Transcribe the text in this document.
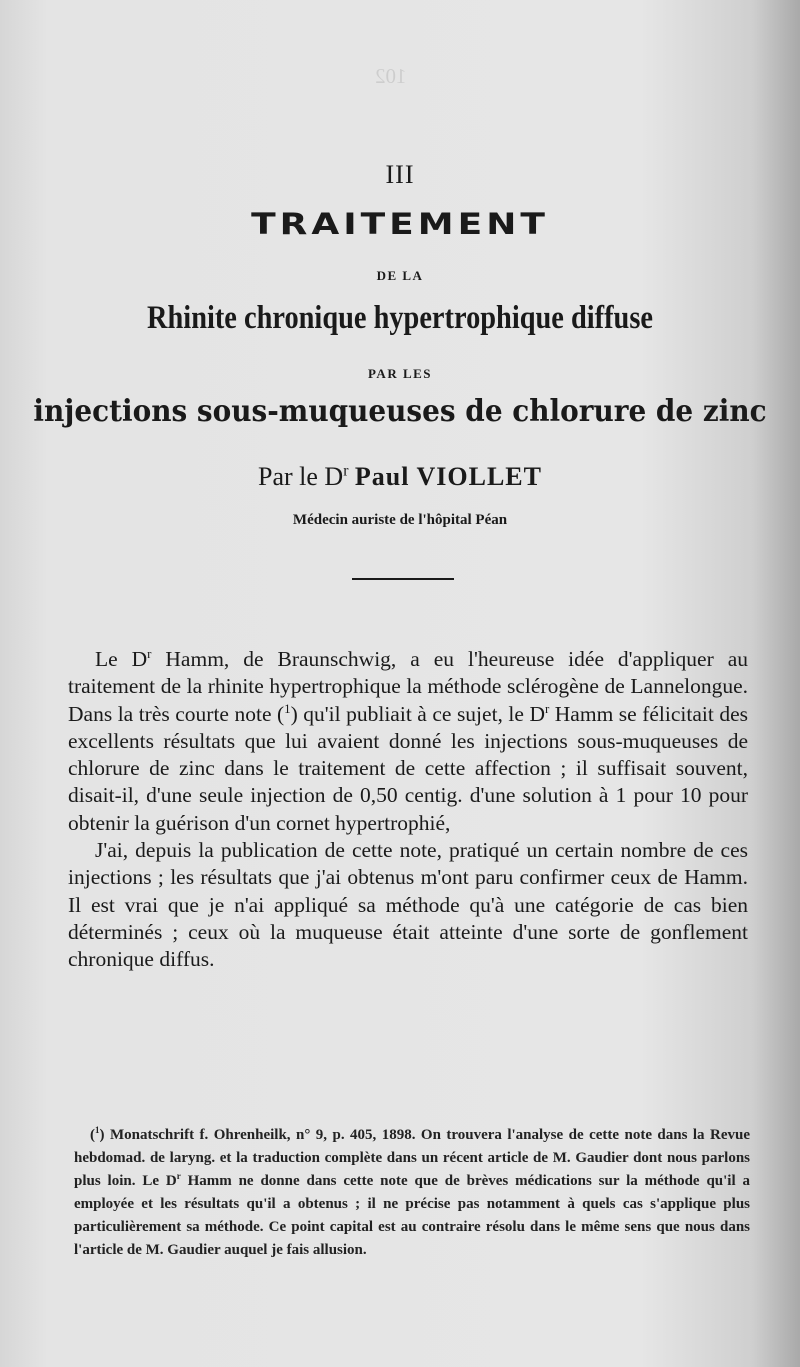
102

III
TRAITEMENT
DE LA
Rhinite chronique hypertrophique diffuse
PAR LES
injections sous-muqueuses de chlorure de zinc
Par le $D^r$ Paul VIOLLET
Médecin auriste de l'hôpital Péan

Le $D^r$ Hamm, de Braunschwig, a eu l'heureuse idée d'appliquer au traitement de la rhinite hypertrophique la méthode sclérogène de Lannelongue. Dans la très courte note ($^1$) qu'il publiait à ce sujet, le $D^r$ Hamm se félicitait des excellents résultats que lui avaient donné les injections sous-muqueuses de chlorure de zinc dans le traitement de cette affection ; il suffisait souvent, disait-il, d'une seule injection de 0,50 centig. d'une solution à 1 pour 10 pour obtenir la guérison d'un cornet hypertrophié,

J'ai, depuis la publication de cette note, pratiqué un certain nombre de ces injections ; les résultats que j'ai obtenus m'ont paru confirmer ceux de Hamm. Il est vrai que je n'ai appliqué sa méthode qu'à une catégorie de cas bien déterminés ; ceux où la muqueuse était atteinte d'une sorte de gonflement chronique diffus.

($^1$) Monatschrift f. Ohrenheilk, n° 9, p. 405, 1898. On trouvera l'analyse de cette note dans la Revue hebdomad. de laryng. et la traduction complète dans un récent article de M. Gaudier dont nous parlons plus loin. Le $D^r$ Hamm ne donne dans cette note que de brèves médications sur la méthode qu'il a employée et les résultats qu'il a obtenus ; il ne précise pas notamment à quels cas s'applique plus particulièrement sa méthode. Ce point capital est au contraire résolu dans le même sens que nous dans l'article de M. Gaudier auquel je fais allusion.
